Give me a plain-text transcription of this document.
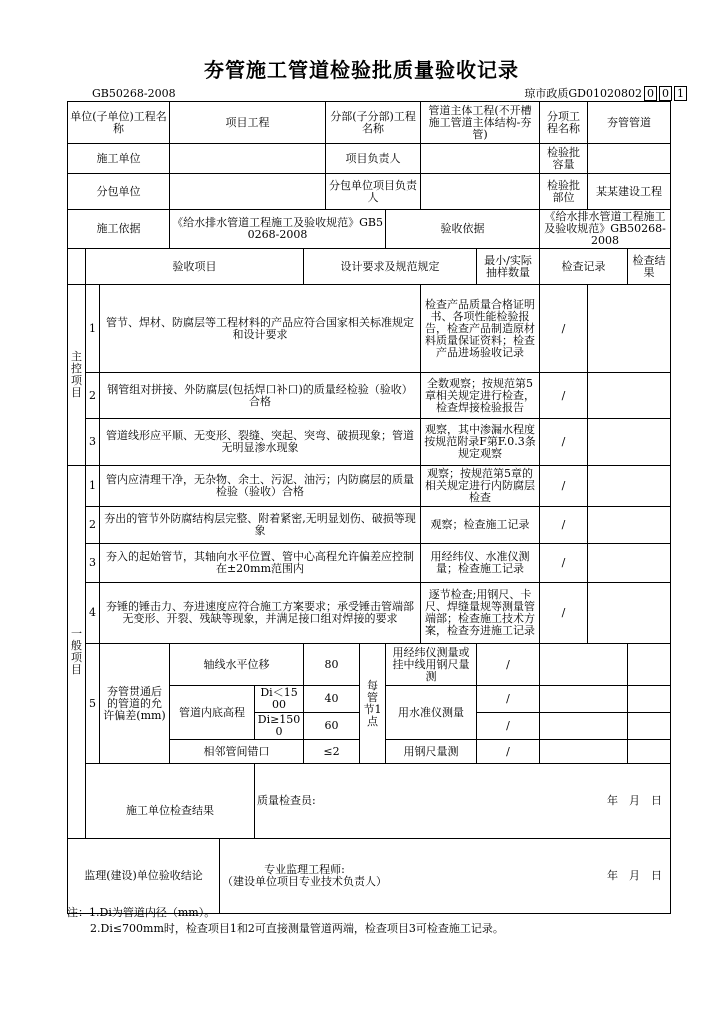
夯管施工管道检验批质量验收记录
GB50268-2008	琼市政质GD01020802 0 0 1
单位(子单位)工程名称			项目工程				分部(子分部)工程名称			管道主体工程(不开槽施工管道主体结构-夯管)		分项工程名称	夯管管道		
施工单位							项目负责人					检验批容量			
分包单位							分包单位项目负责人					检验批部位	某某建设工程		
施工依据			《给水排水管道工程施工及验收规范》GB50268-2008						验收依据			《给水排水管道工程施工及验收规范》GB50268-2008			
	验收项目					设计要求及规范规定					最小/实际抽样数量	检查记录		检查结果	
主控项目	1	管节、焊材、防腐层等工程材料的产品应符合国家相关标准规定和设计要求								检查产品质量合格证明书、各项性能检验报告，检查产品制造原材料质量保证资料；检查产品进场验收记录		/			
	2	钢管组对拼接、外防腐层(包括焊口补口)的质量经检验（验收）合格								全数观察；按规范第5章相关规定进行检查，检查焊接检验报告		/			
	3	管道线形应平顺、无变形、裂缝、突起、突弯、破损现象；管道无明显渗水现象								观察，其中渗漏水程度按规范附录F第F.0.3条规定观察		/			
一般项目	1	管内应清理干净，无杂物、余土、污泥、油污；内防腐层的质量检验（验收）合格								观察；按规范第5章的相关规定进行内防腐层检查		/			
	2	夯出的管节外防腐结构层完整、附着紧密,无明显划伤、破损等现象								观察；检查施工记录		/			
	3	夯入的起始管节，其轴向水平位置、管中心高程允许偏差应控制在±20mm范围内								用经纬仪、水准仪测量；检查施工记录		/			
	4	夯锤的锤击力、夯进速度应符合施工方案要求；承受锤击管端部无变形、开裂、残缺等现象，并满足接口组对焊接的要求								逐节检查;用钢尺、卡尺、焊缝量规等测量管端部；检查施工技术方案，检查夯进施工记录		/			
	5	夯管贯通后的管道的允许偏差(mm)	轴线水平位移			80		每管节1点	用经纬仪测量或挂中线用钢尺量测		/				
			管道内底高程		Di＜1500	40			用水准仪测量		/				
					Di≥1500	60					/				
			相邻管间错口			≤2			用钢尺量测		/				
	施工单位检查结果				质量检查员: 年　月　日										

监理(建设)单位验收结论				专业监理工程师:
（建设单位项目专业技术负责人） 年　月　日											
注：1.Di为管道内径（mm）。
2.Di≤700mm时，检查项目1和2可直接测量管道两端，检查项目3可检查施工记录。
